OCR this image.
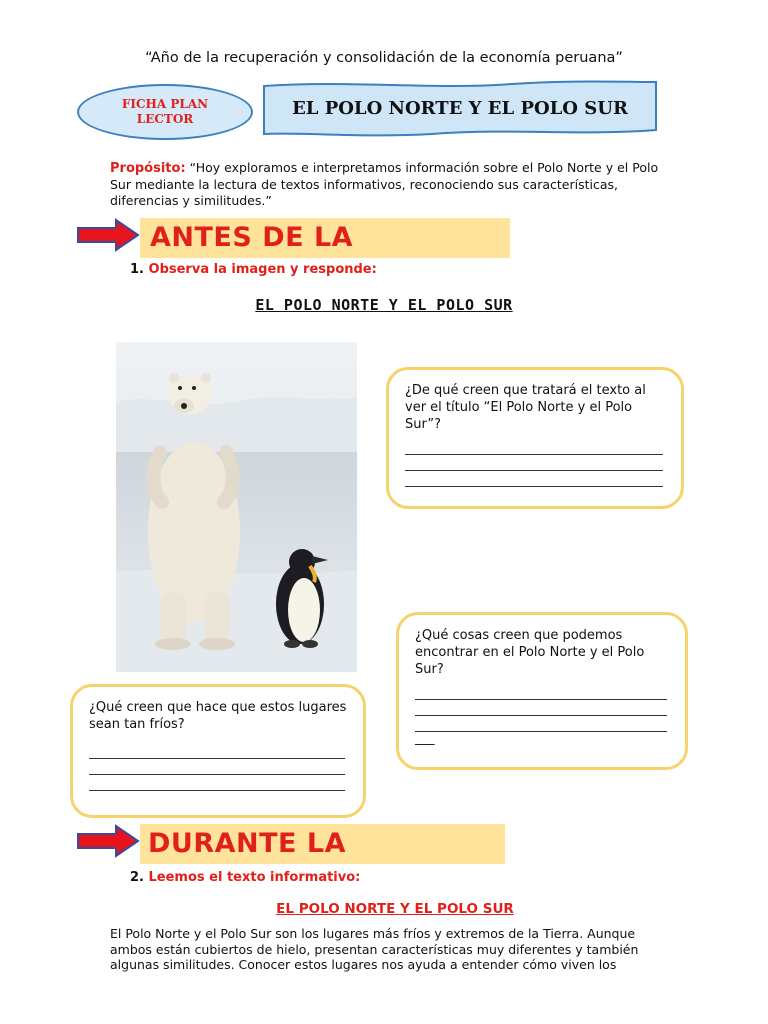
“Año de la recuperación y consolidación de la economía peruana”
FICHA PLAN
LECTOR
EL POLO NORTE Y EL POLO SUR
Propósito: “Hoy exploramos e interpretamos información sobre el Polo Norte y el Polo Sur mediante la lectura de textos informativos, reconociendo sus características, diferencias y similitudes.”
ANTES DE LA
1. Observa la imagen y responde:
EL POLO NORTE Y EL POLO SUR
¿De qué creen que tratará el texto al ver el título “El Polo Norte y el Polo Sur”?
¿Qué cosas creen que podemos encontrar en el Polo Norte y el Polo Sur?
___
¿Qué creen que hace que estos lugares sean tan fríos?
DURANTE LA
2. Leemos el texto informativo:
EL POLO NORTE Y EL POLO SUR
El Polo Norte y el Polo Sur son los lugares más fríos y extremos de la Tierra. Aunque ambos están cubiertos de hielo, presentan características muy diferentes y también algunas similitudes. Conocer estos lugares nos ayuda a entender cómo viven los
